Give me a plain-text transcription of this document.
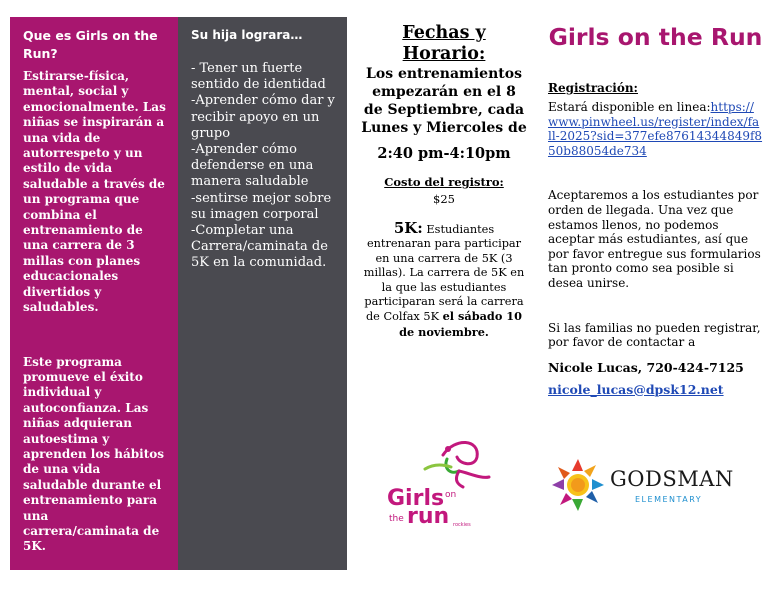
Que es Girls on the Run?

Estirarse-física, mental, social y emocionalmente. Las niñas se inspirarán a una vida de autorrespeto y un estilo de vida saludable a través de un programa que combina el entrenamiento de una carrera de 3 millas con planes educacionales divertidos y saludables.

Este programa promueve el éxito individual y autoconfianza. Las niñas adquieran autoestima y aprenden los hábitos de una vida saludable durante el entrenamiento para una carrera/caminata de 5K.

Su hija lograra…

- Tener un fuerte sentido de identidad
-Aprender cómo dar y recibir apoyo en un grupo
-Aprender cómo defenderse en una manera saludable
-sentirse mejor sobre su imagen corporal
-Completar una Carrera/caminata de 5K en la comunidad.

Fechas y Horario:

Los entrenamientos empezarán en el 8 de Septiembre, cada Lunes y Miercoles de

2:40 pm-4:10pm

Costo del registro:

$25

5K: Estudiantes entrenaran para participar en una carrera de 5K (3 millas). La carrera de 5K en la que las estudiantes participaran será la carrera de Colfax 5K el sábado 10 de noviembre.

Girls on
the run rockies

Girls on the Run

Registración:

Estará disponible en linea:https://www.pinwheel.us/register/index/fall-2025?sid=377efe87614344849f850b88054de734

Aceptaremos a los estudiantes por orden de llegada. Una vez que estamos llenos, no podemos aceptar más estudiantes, así que por favor entregue sus formularios tan pronto como sea posible si desea unirse.

Si las familias no pueden registrar, por favor de contactar a

Nicole Lucas, 720-424-7125

nicole_lucas@dpsk12.net

GODSMAN
ELEMENTARY
